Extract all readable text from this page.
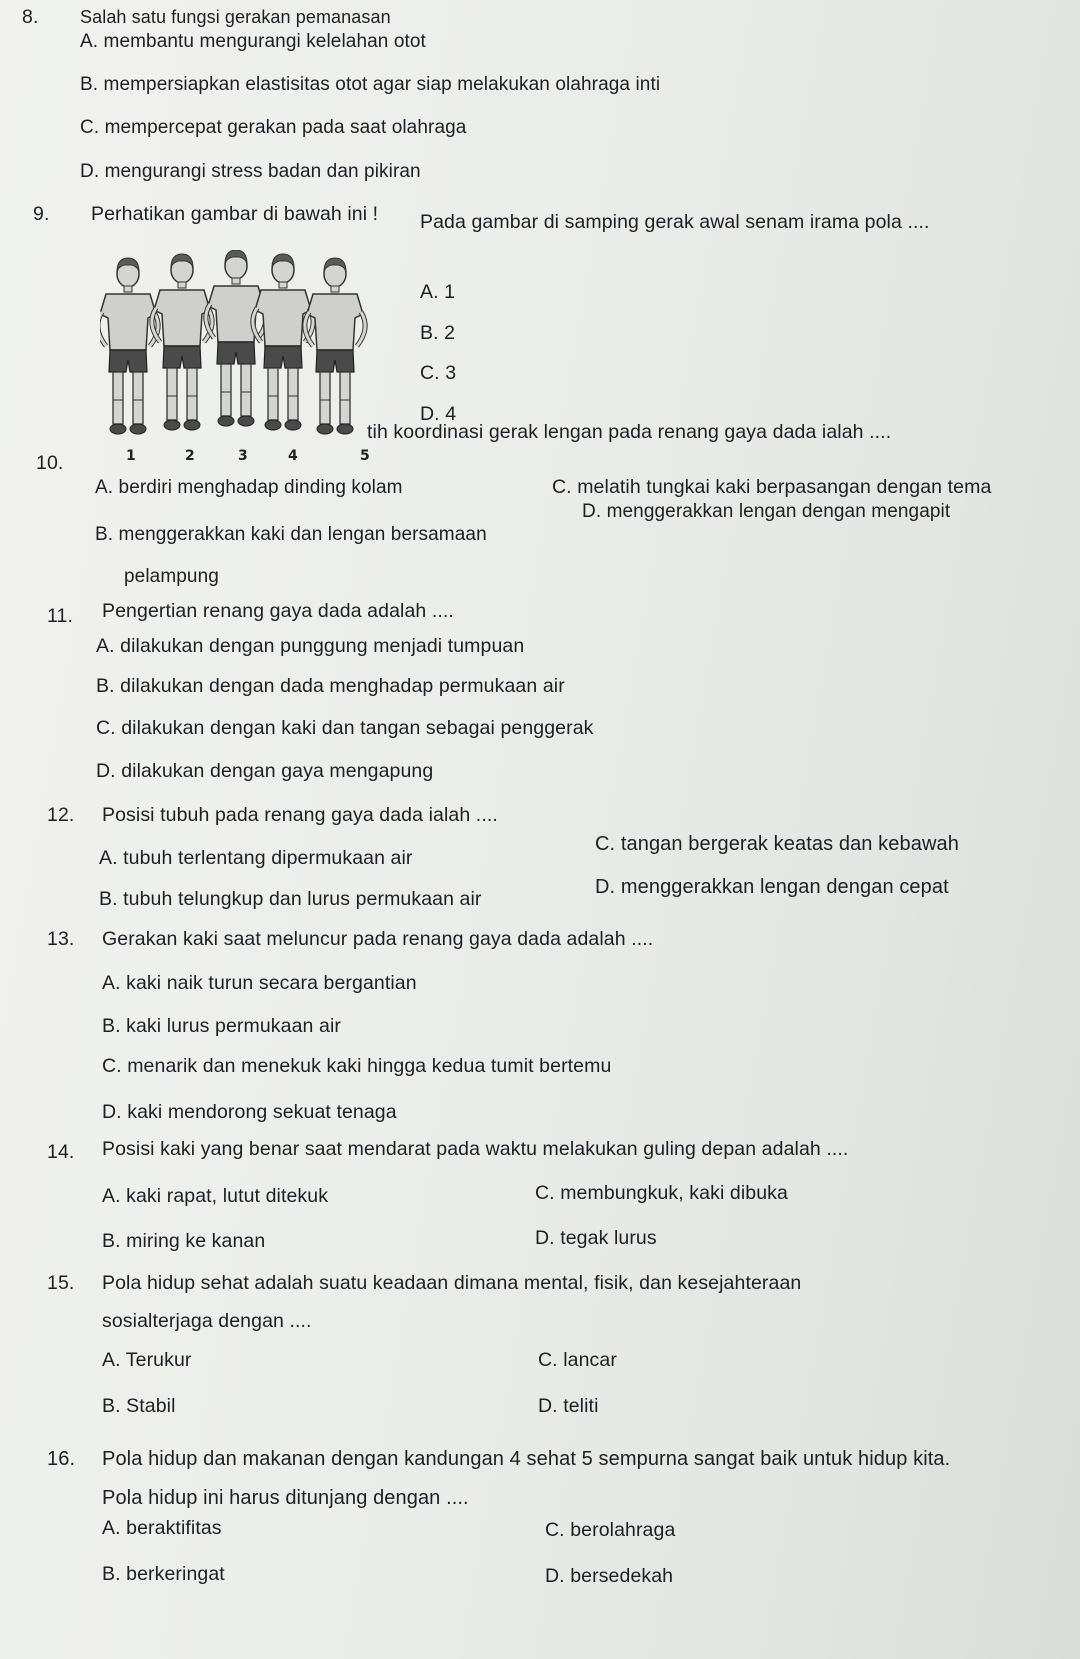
8. Salah satu fungsi gerakan pemanasan
A. membantu mengurangi kelelahan otot
B. mempersiapkan elastisitas otot agar siap melakukan olahraga inti
C. mempercepat gerakan pada saat olahraga
D. mengurangi stress badan dan pikiran
9. Perhatikan gambar di bawah ini ! Pada gambar di samping gerak awal senam irama pola ....
A. 1
B. 2
C. 3
D. 4
1	2	3	4	5
10.
tih koordinasi gerak lengan pada renang gaya dada ialah ....
A. berdiri menghadap dinding kolam
B. menggerakkan kaki dan lengan bersamaan
pelampung
C. melatih tungkai kaki berpasangan dengan tema
D. menggerakkan lengan dengan mengapit
11. Pengertian renang gaya dada adalah ....
A. dilakukan dengan punggung menjadi tumpuan
B. dilakukan dengan dada menghadap permukaan air
C. dilakukan dengan kaki dan tangan sebagai penggerak
D. dilakukan dengan gaya mengapung
12. Posisi tubuh pada renang gaya dada ialah ....
A. tubuh terlentang dipermukaan air
B. tubuh telungkup dan lurus permukaan air
C. tangan bergerak keatas dan kebawah
D. menggerakkan lengan dengan cepat
13. Gerakan kaki saat meluncur pada renang gaya dada adalah ....
A. kaki naik turun secara bergantian
B. kaki lurus permukaan air
C. menarik dan menekuk kaki hingga kedua tumit bertemu
D. kaki mendorong sekuat tenaga
14. Posisi kaki yang benar saat mendarat pada waktu melakukan guling depan adalah ....
A. kaki rapat, lutut ditekuk
B. miring ke kanan
C. membungkuk, kaki dibuka
D. tegak lurus
15. Pola hidup sehat adalah suatu keadaan dimana mental, fisik, dan kesejahteraan
sosialterjaga dengan ....
A. Terukur
B. Stabil
C. lancar
D. teliti
16. Pola hidup dan makanan dengan kandungan 4 sehat 5 sempurna sangat baik untuk hidup kita.
Pola hidup ini harus ditunjang dengan ....
A. beraktifitas
B. berkeringat
C. berolahraga
D. bersedekah
